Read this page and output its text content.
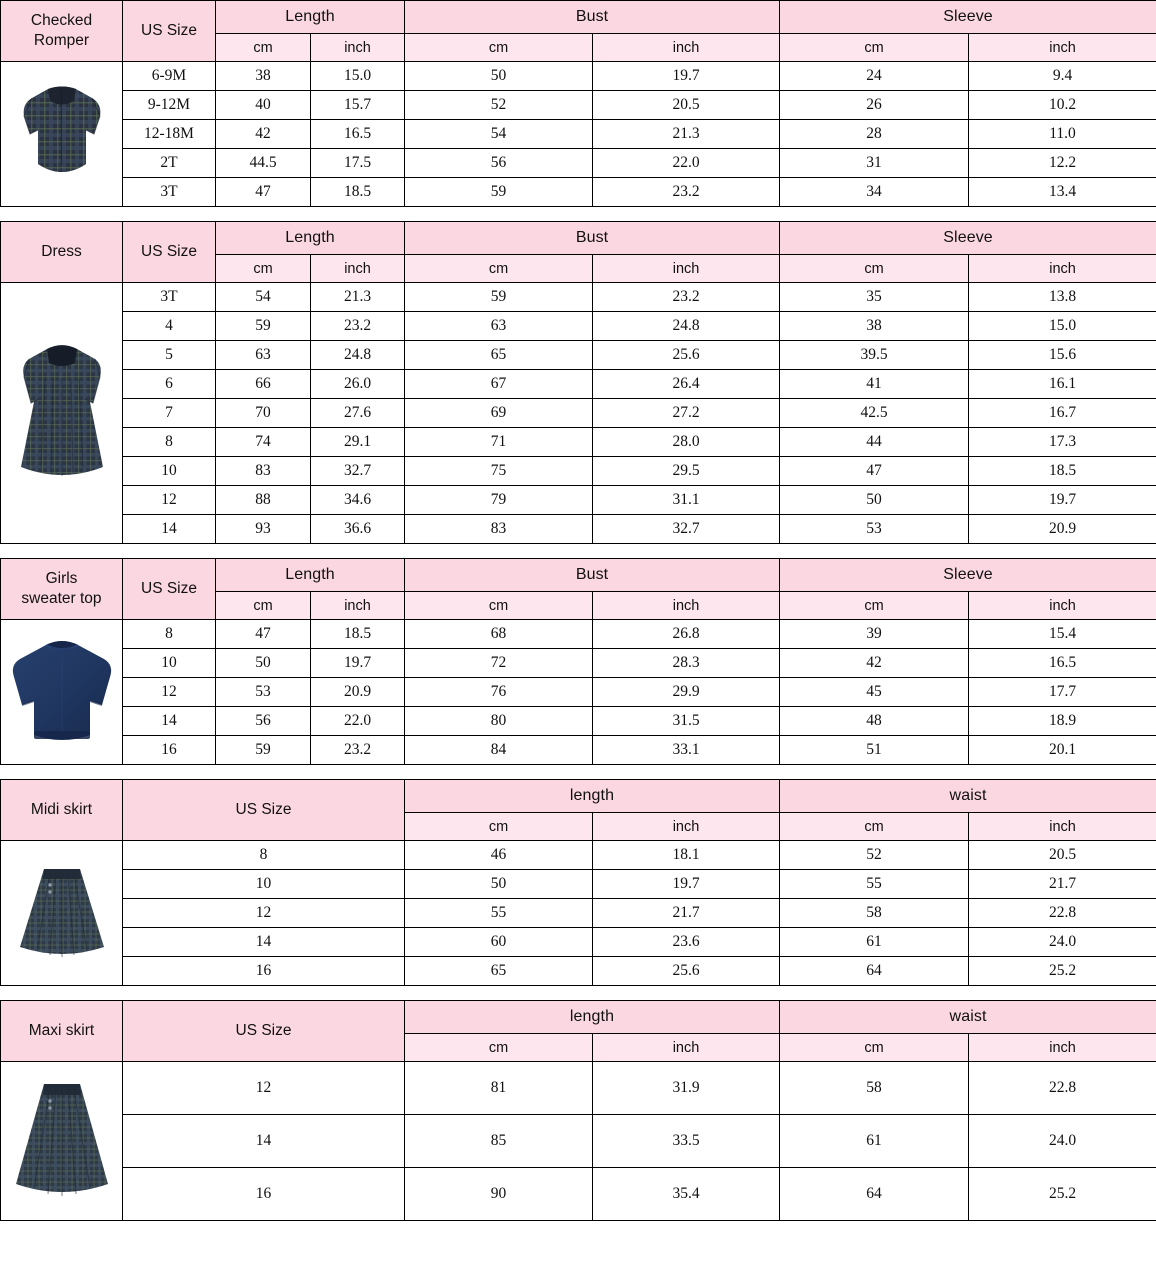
Checked
Romper	US Size	Length		Bust		Sleeve	
		cm	inch	cm	inch	cm	inch

	6-9M	38	15.0	50	19.7	24	9.4
	9-12M	40	15.7	52	20.5	26	10.2
	12-18M	42	16.5	54	21.3	28	11.0
	2T	44.5	17.5	56	22.0	31	12.2
	3T	47	18.5	59	23.2	34	13.4
Dress	US Size	Length		Bust		Sleeve	
		cm	inch	cm	inch	cm	inch

	3T	54	21.3	59	23.2	35	13.8
	4	59	23.2	63	24.8	38	15.0
	5	63	24.8	65	25.6	39.5	15.6
	6	66	26.0	67	26.4	41	16.1
	7	70	27.6	69	27.2	42.5	16.7
	8	74	29.1	71	28.0	44	17.3
	10	83	32.7	75	29.5	47	18.5
	12	88	34.6	79	31.1	50	19.7
	14	93	36.6	83	32.7	53	20.9
Girls
sweater top	US Size	Length		Bust		Sleeve	
		cm	inch	cm	inch	cm	inch

	8	47	18.5	68	26.8	39	15.4
	10	50	19.7	72	28.3	42	16.5
	12	53	20.9	76	29.9	45	17.7
	14	56	22.0	80	31.5	48	18.9
	16	59	23.2	84	33.1	51	20.1
Midi skirt	US Size	length		waist	
		cm	inch	cm	inch

	8	46	18.1	52	20.5
	10	50	19.7	55	21.7
	12	55	21.7	58	22.8
	14	60	23.6	61	24.0
	16	65	25.6	64	25.2
Maxi skirt	US Size	length		waist	
		cm	inch	cm	inch

	12	81	31.9	58	22.8
	14	85	33.5	61	24.0
	16	90	35.4	64	25.2
